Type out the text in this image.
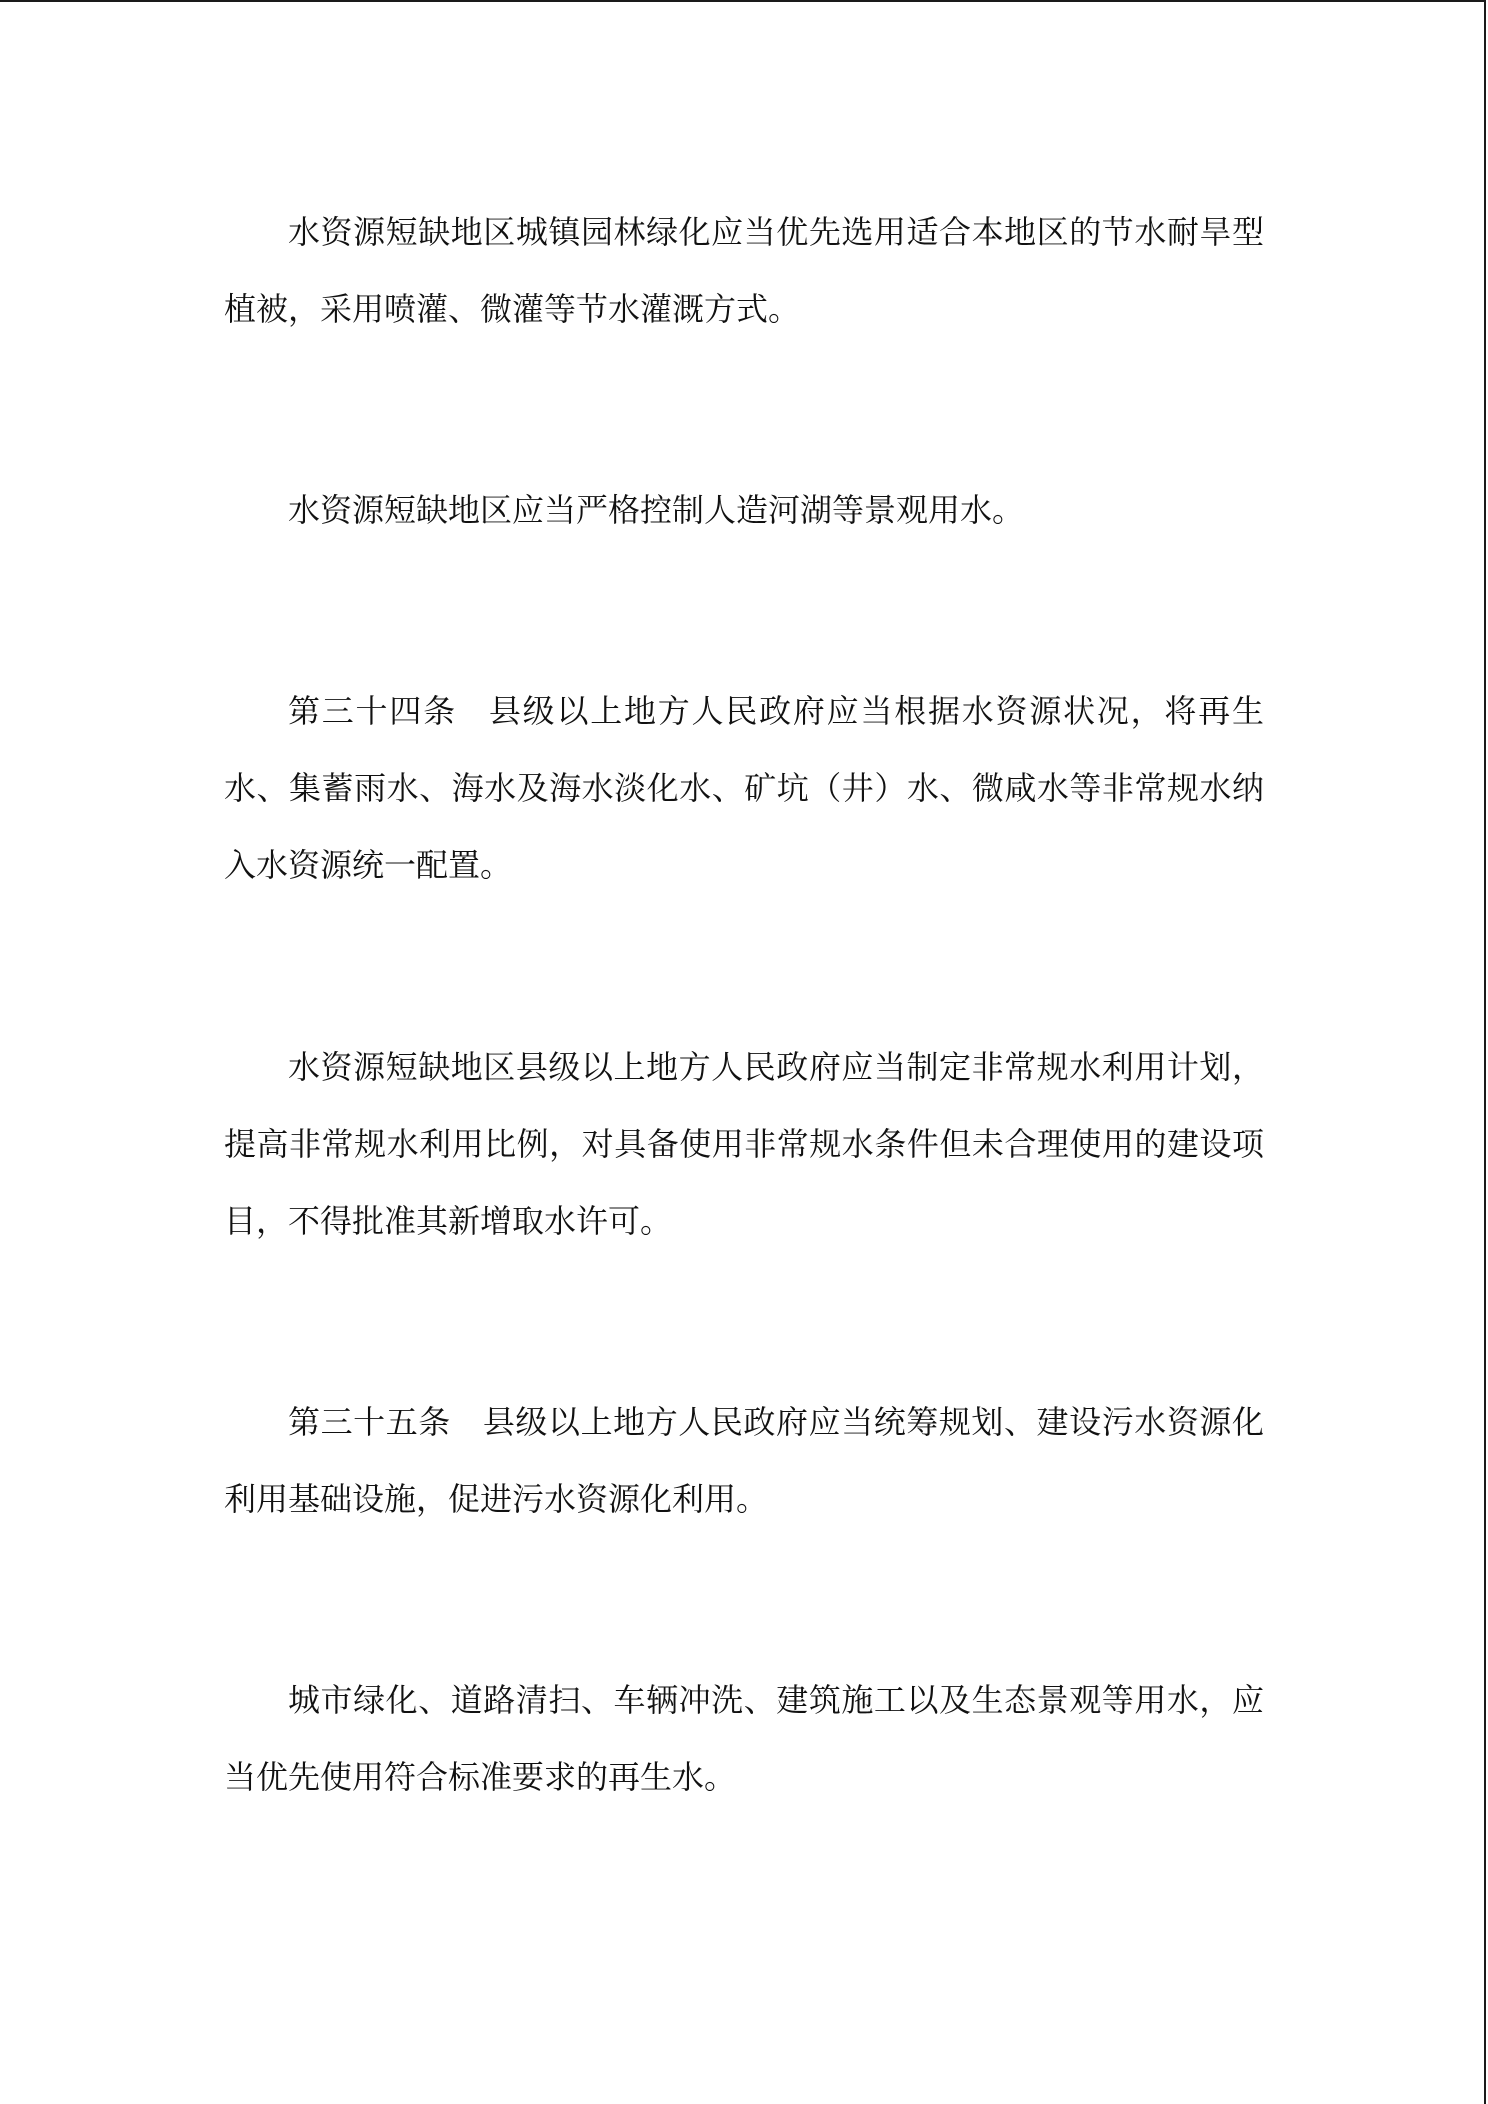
水资源短缺地区城镇园林绿化应当优先选用适合本地区的节水耐旱型植被，采用喷灌、微灌等节水灌溉方式。

水资源短缺地区应当严格控制人造河湖等景观用水。

第三十四条 县级以上地方人民政府应当根据水资源状况，将再生水、集蓄雨水、海水及海水淡化水、矿坑（井）水、微咸水等非常规水纳入水资源统一配置。

水资源短缺地区县级以上地方人民政府应当制定非常规水利用计划，提高非常规水利用比例，对具备使用非常规水条件但未合理使用的建设项目，不得批准其新增取水许可。

第三十五条 县级以上地方人民政府应当统筹规划、建设污水资源化利用基础设施，促进污水资源化利用。

城市绿化、道路清扫、车辆冲洗、建筑施工以及生态景观等用水，应当优先使用符合标准要求的再生水。
